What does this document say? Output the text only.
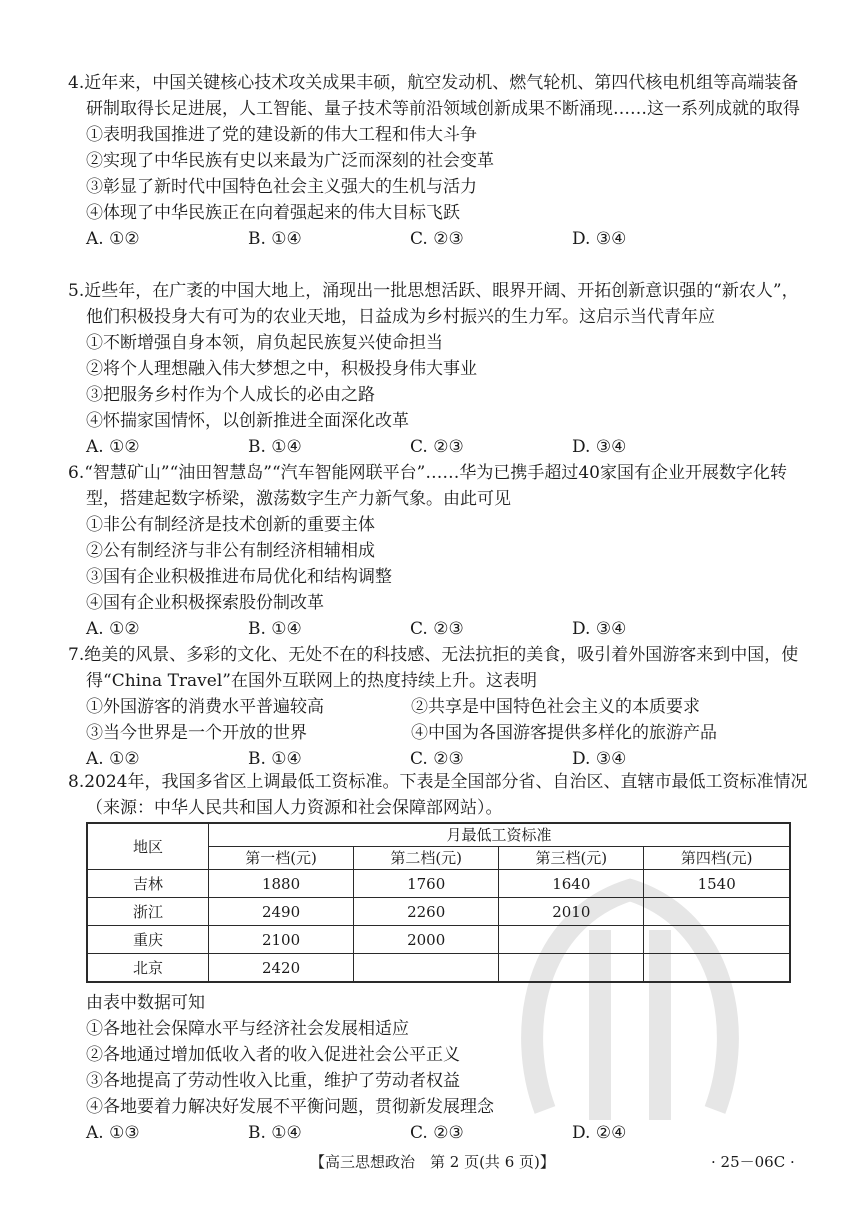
4.近年来，中国关键核心技术攻关成果丰硕，航空发动机、燃气轮机、第四代核电机组等高端装备研制取得长足进展，人工智能、量子技术等前沿领域创新成果不断涌现……这一系列成就的取得

①表明我国推进了党的建设新的伟大工程和伟大斗争

②实现了中华民族有史以来最为广泛而深刻的社会变革

③彰显了新时代中国特色社会主义强大的生机与活力

④体现了中华民族正在向着强起来的伟大目标飞跃

A. ①②	B. ①④	C. ②③	D. ③④

5.近些年，在广袤的中国大地上，涌现出一批思想活跃、眼界开阔、开拓创新意识强的“新农人”，他们积极投身大有可为的农业天地，日益成为乡村振兴的生力军。这启示当代青年应

①不断增强自身本领，肩负起民族复兴使命担当

②将个人理想融入伟大梦想之中，积极投身伟大事业

③把服务乡村作为个人成长的必由之路

④怀揣家国情怀，以创新推进全面深化改革

A. ①②	B. ①④	C. ②③	D. ③④

6.“智慧矿山”“油田智慧岛”“汽车智能网联平台”……华为已携手超过40家国有企业开展数字化转型，搭建起数字桥梁，激荡数字生产力新气象。由此可见

①非公有制经济是技术创新的重要主体

②公有制经济与非公有制经济相辅相成

③国有企业积极推进布局优化和结构调整

④国有企业积极探索股份制改革

A. ①②	B. ①④	C. ②③	D. ③④

7.绝美的风景、多彩的文化、无处不在的科技感、无法抗拒的美食，吸引着外国游客来到中国，使得“China Travel”在国外互联网上的热度持续上升。这表明

①外国游客的消费水平普遍较高	②共享是中国特色社会主义的本质要求
③当今世界是一个开放的世界	④中国为各国游客提供多样化的旅游产品
A. ①②	B. ①④	C. ②③	D. ③④

8.2024年，我国多省区上调最低工资标准。下表是全国部分省、自治区、直辖市最低工资标准情况（来源：中华人民共和国人力资源和社会保障部网站）。

地区	月最低工资标准			
	第一档(元)	第二档(元)	第三档(元)	第四档(元)
吉林	1880	1760	1640	1540
浙江	2490	2260	2010	
重庆	2100	2000		
北京	2420			

由表中数据可知

①各地社会保障水平与经济社会发展相适应

②各地通过增加低收入者的收入促进社会公平正义

③各地提高了劳动性收入比重，维护了劳动者权益

④各地要着力解决好发展不平衡问题，贯彻新发展理念

A. ①③	B. ①④	C. ②③	D. ②④
【高三思想政治　第 2 页(共 6 页)】	· 25－06C ·
